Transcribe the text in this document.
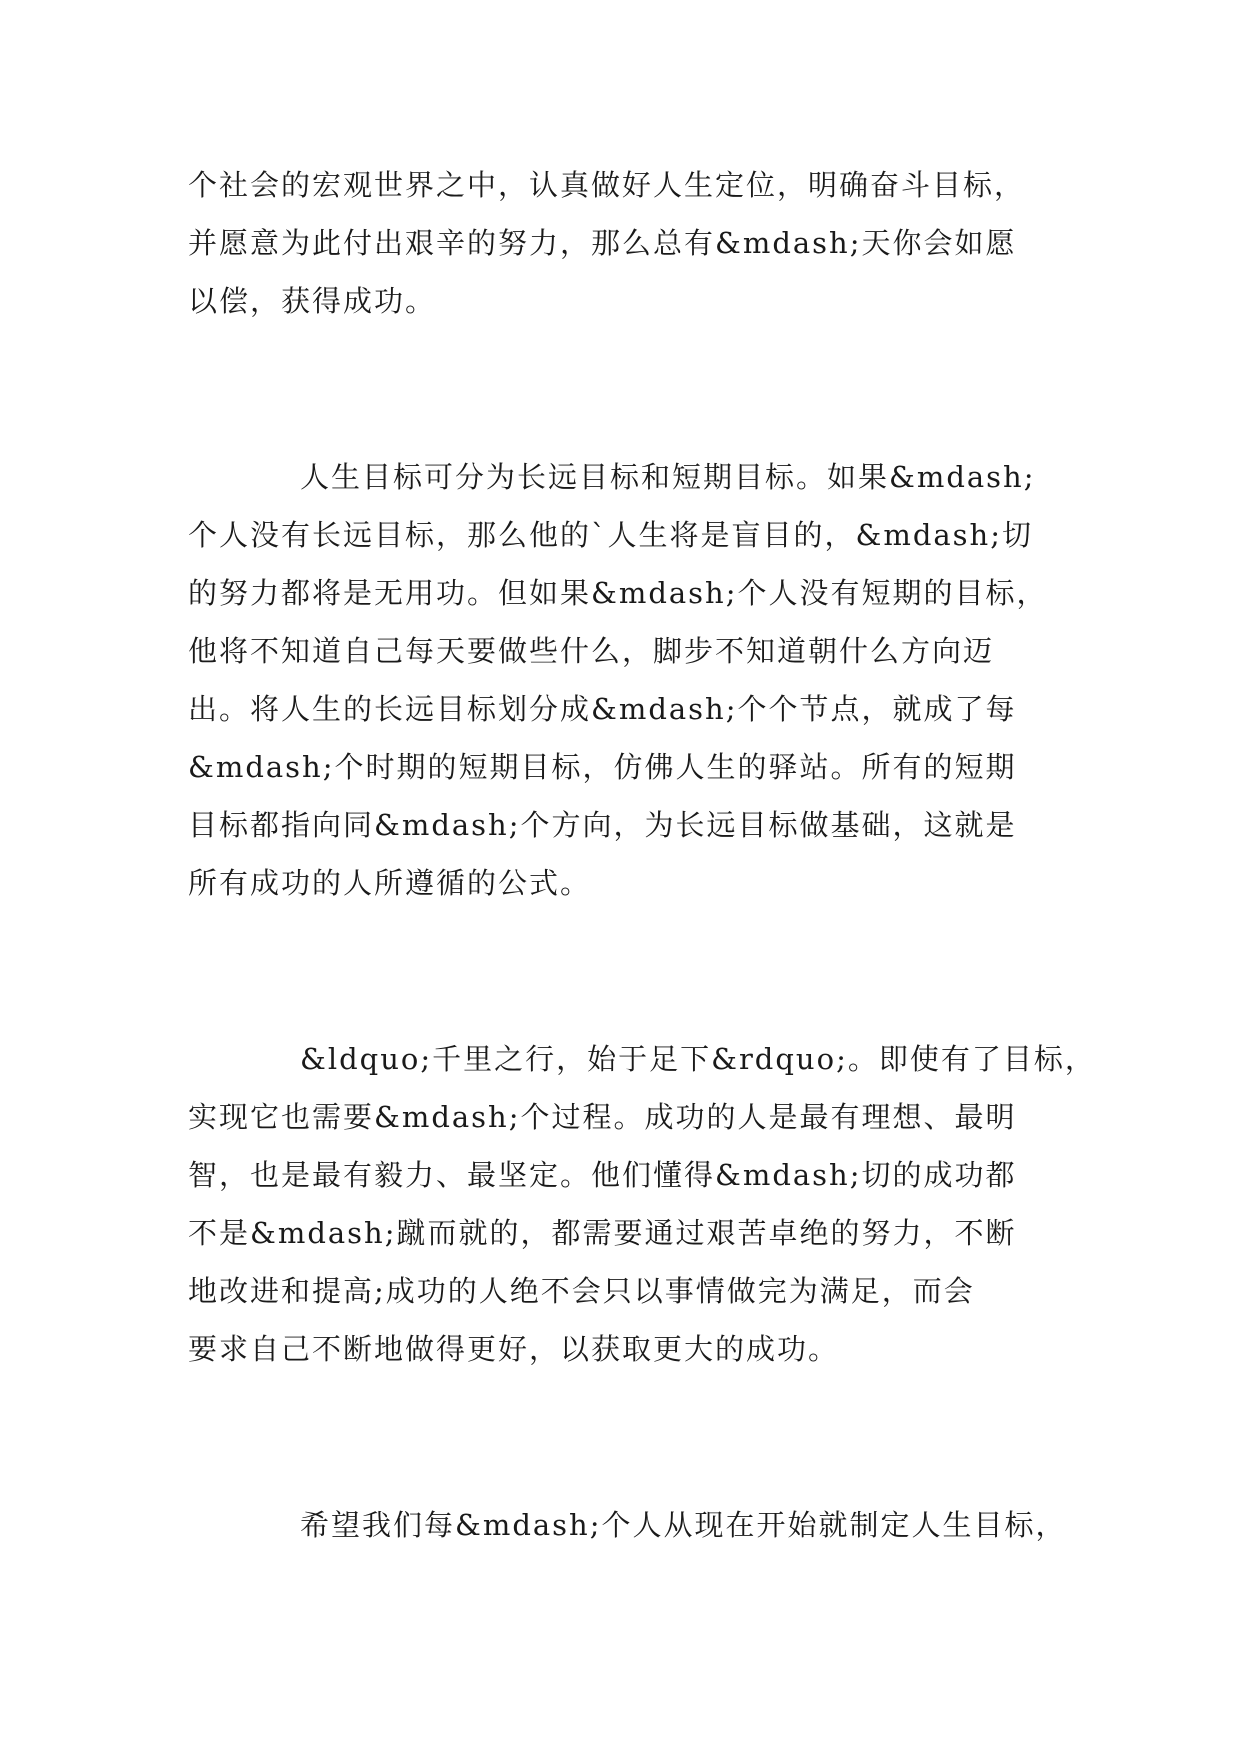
个社会的宏观世界之中，认真做好人生定位，明确奋斗目标，
并愿意为此付出艰辛的努力，那么总有&mdash;天你会如愿
以偿，获得成功。
人生目标可分为长远目标和短期目标。如果&mdash;
个人没有长远目标，那么他的`人生将是盲目的，&mdash;切
的努力都将是无用功。但如果&mdash;个人没有短期的目标，
他将不知道自己每天要做些什么，脚步不知道朝什么方向迈
出。将人生的长远目标划分成&mdash;个个节点，就成了每
&mdash;个时期的短期目标，仿佛人生的驿站。所有的短期
目标都指向同&mdash;个方向，为长远目标做基础，这就是
所有成功的人所遵循的公式。
&ldquo;千里之行，始于足下&rdquo;。即使有了目标，
实现它也需要&mdash;个过程。成功的人是最有理想、最明
智，也是最有毅力、最坚定。他们懂得&mdash;切的成功都
不是&mdash;蹴而就的，都需要通过艰苦卓绝的努力，不断
地改进和提高;成功的人绝不会只以事情做完为满足，而会
要求自己不断地做得更好，以获取更大的成功。
希望我们每&mdash;个人从现在开始就制定人生目标，
